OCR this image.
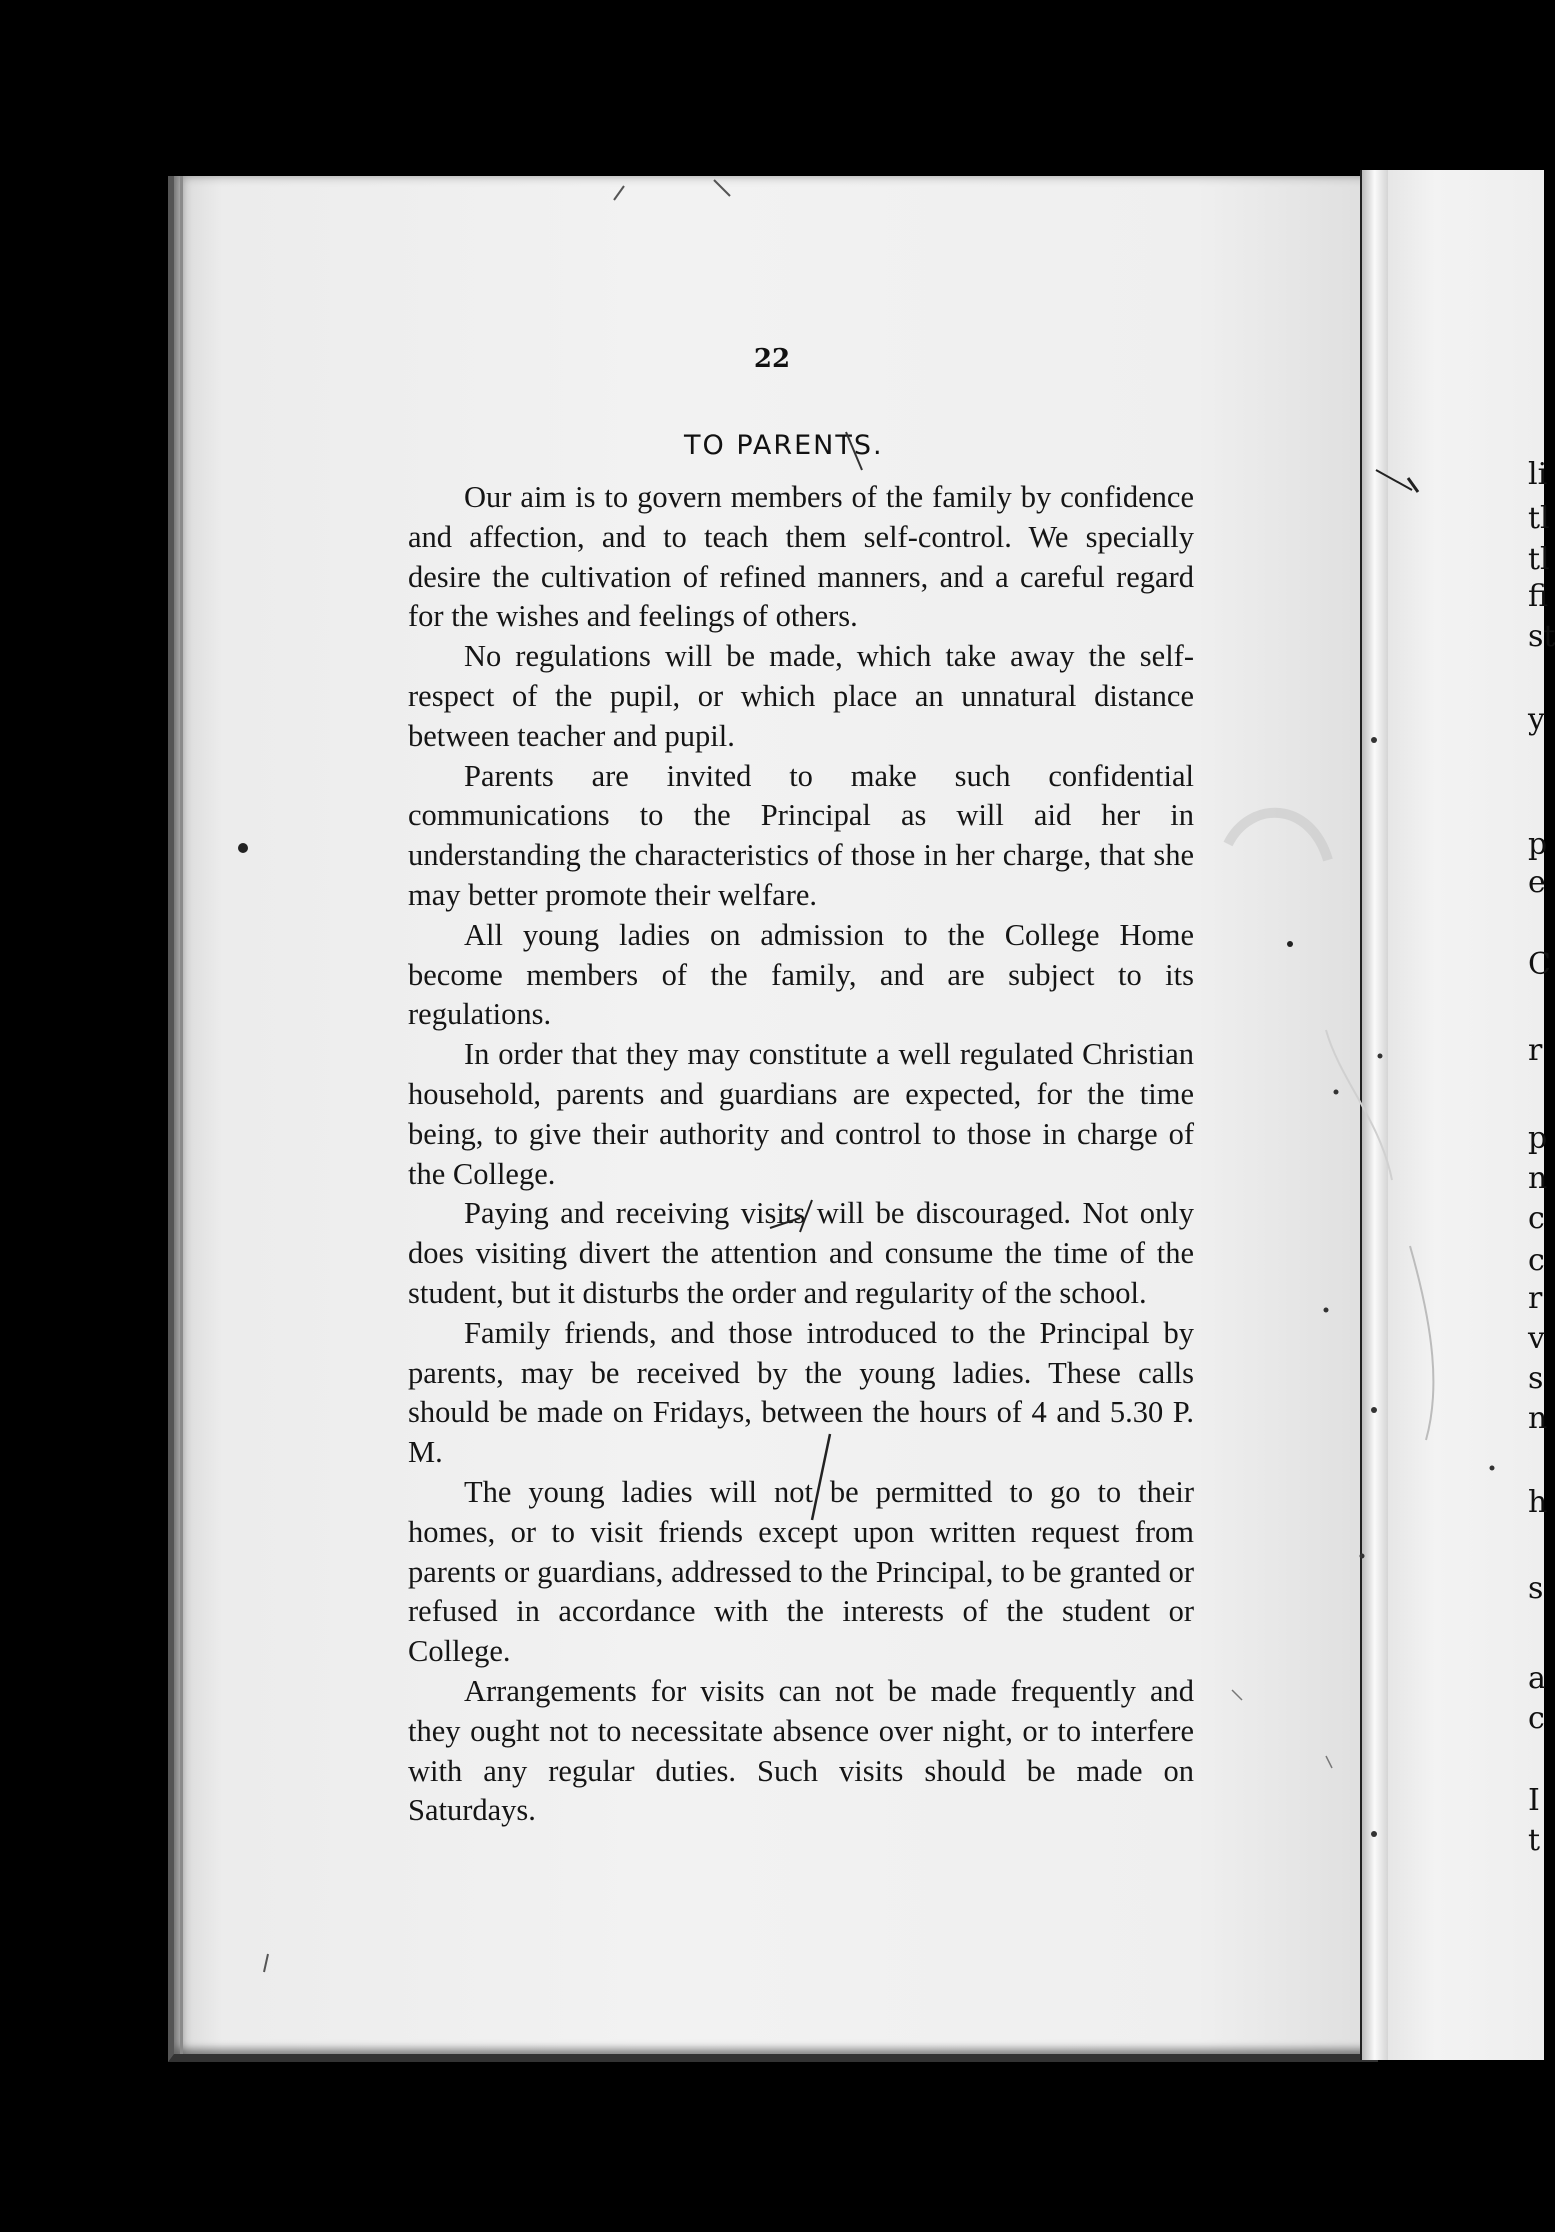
li
tl
tl
fi
st
y
p
e
C
r
p
n
c
c
r
v
s
n
h
s
a
c
I
t
22
TO PARENTS.

Our aim is to govern members of the family by confidence and affection, and to teach them self-control. We specially desire the cultivation of refined manners, and a careful regard for the wishes and feelings of others.

No regulations will be made, which take away the self-respect of the pupil, or which place an unnatural distance between teacher and pupil.

Parents are invited to make such confidential communications to the Principal as will aid her in understanding the characteristics of those in her charge, that she may better promote their welfare.

All young ladies on admission to the College Home become members of the family, and are subject to its regulations.

In order that they may constitute a well regulated Christian household, parents and guardians are expected, for the time being, to give their authority and control to those in charge of the College.

Paying and receiving visits will be discouraged. Not only does visiting divert the attention and consume the time of the student, but it disturbs the order and regularity of the school.

Family friends, and those introduced to the Principal by parents, may be received by the young ladies. These calls should be made on Fridays, between the hours of 4 and 5.30 P. M.

The young ladies will not be permitted to go to their homes, or to visit friends except upon written request from parents or guardians, addressed to the Principal, to be granted or refused in accordance with the interests of the student or College.

Arrangements for visits can not be made frequently and they ought not to necessitate absence over night, or to interfere with any regular duties. Such visits should be made on Saturdays.
